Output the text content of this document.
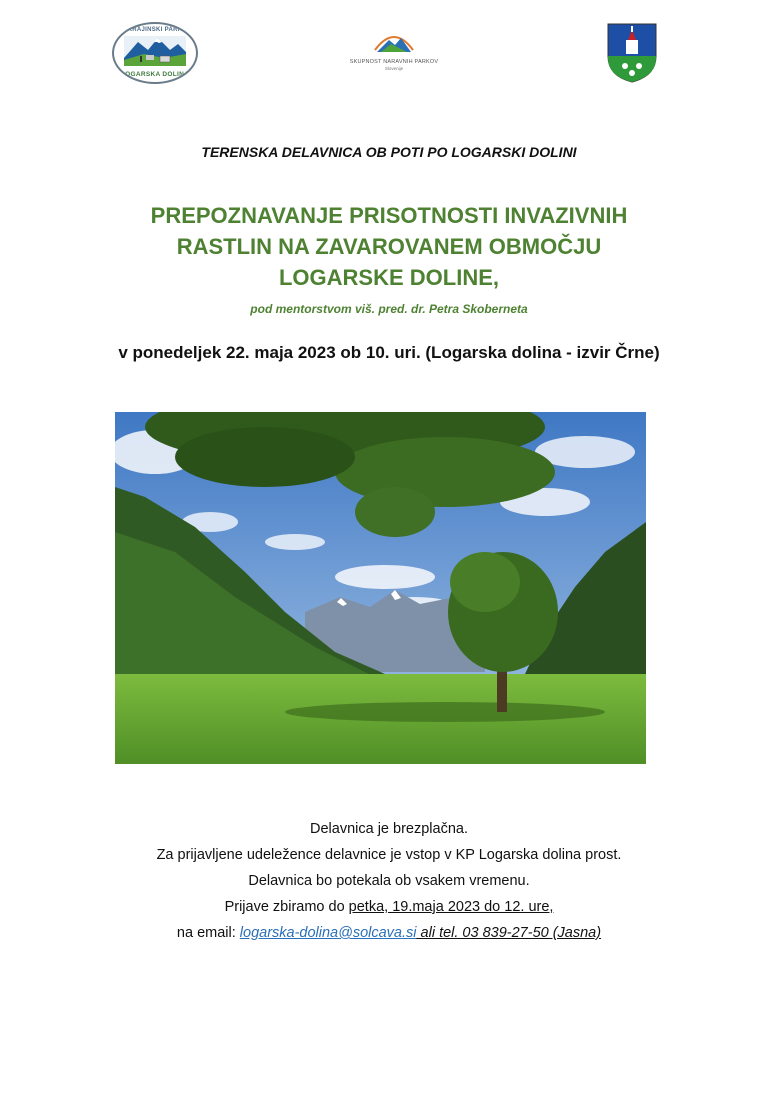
KRAJINSKI PARK
LOGARSKA DOLINA
SKUPNOST NARAVNIH PARKOV
Slovenije
TERENSKA DELAVNICA OB POTI PO LOGARSKI DOLINI
PREPOZNAVANJE PRISOTNOSTI INVAZIVNIH
RASTLIN NA ZAVAROVANEM OBMOČJU
LOGARSKE DOLINE,
pod mentorstvom viš. pred. dr. Petra Skoberneta
v ponedeljek 22. maja 2023 ob 10. uri. (Logarska dolina - izvir Črne)

Delavnica je brezplačna.

Za prijavljene udeležence delavnice je vstop v KP Logarska dolina prost.

Delavnica bo potekala ob vsakem vremenu.

Prijave zbiramo do petka, 19.maja 2023 do 12. ure,

na email: logarska-dolina@solcava.si ali tel. 03 839-27-50 (Jasna)
